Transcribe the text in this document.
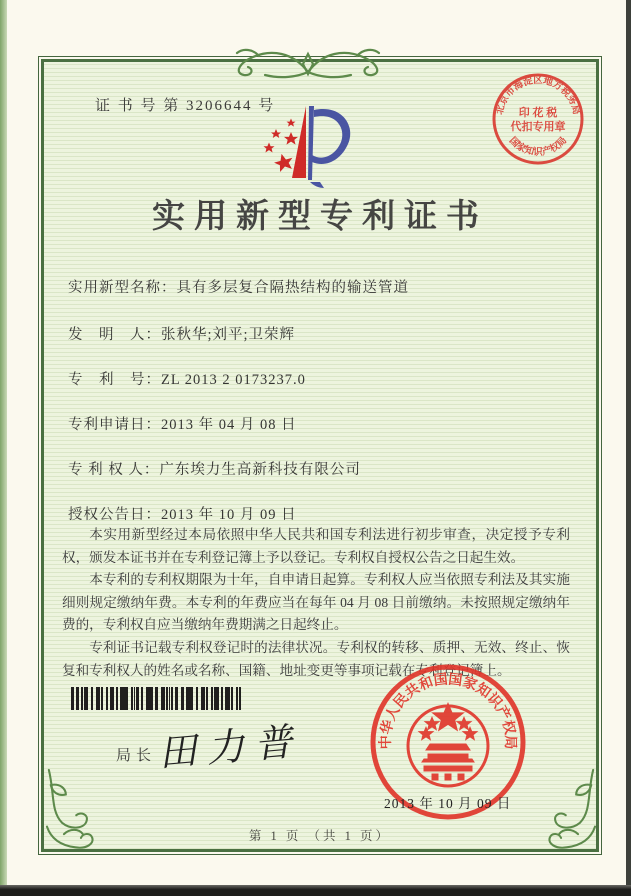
证 书 号 第 3206644 号	北京市海淀区地方税务局
国家知识产权局
印 花 税
代扣专用章
实用新型专利证书
实用新型名称：具有多层复合隔热结构的输送管道
发　明　人：张秋华;刘平;卫荣辉
专　利　号：ZL 2013 2 0173237.0
专利申请日：2013 年 04 月 08 日
专 利 权 人：广东埃力生高新科技有限公司
授权公告日：2013 年 10 月 09 日

本实用新型经过本局依照中华人民共和国专利法进行初步审查，决定授予专利权，颁发本证书并在专利登记簿上予以登记。专利权自授权公告之日起生效。

本专利的专利权期限为十年，自申请日起算。专利权人应当依照专利法及其实施细则规定缴纳年费。本专利的年费应当在每年 04 月 08 日前缴纳。未按照规定缴纳年费的，专利权自应当缴纳年费期满之日起终止。

专利证书记载专利权登记时的法律状况。专利权的转移、质押、无效、终止、恢复和专利权人的姓名或名称、国籍、地址变更等事项记载在专利登记簿上。

局长 田力普	中华人民共和国国家知识产权局
2013 年 10 月 09 日
第 1 页 （共 1 页）
